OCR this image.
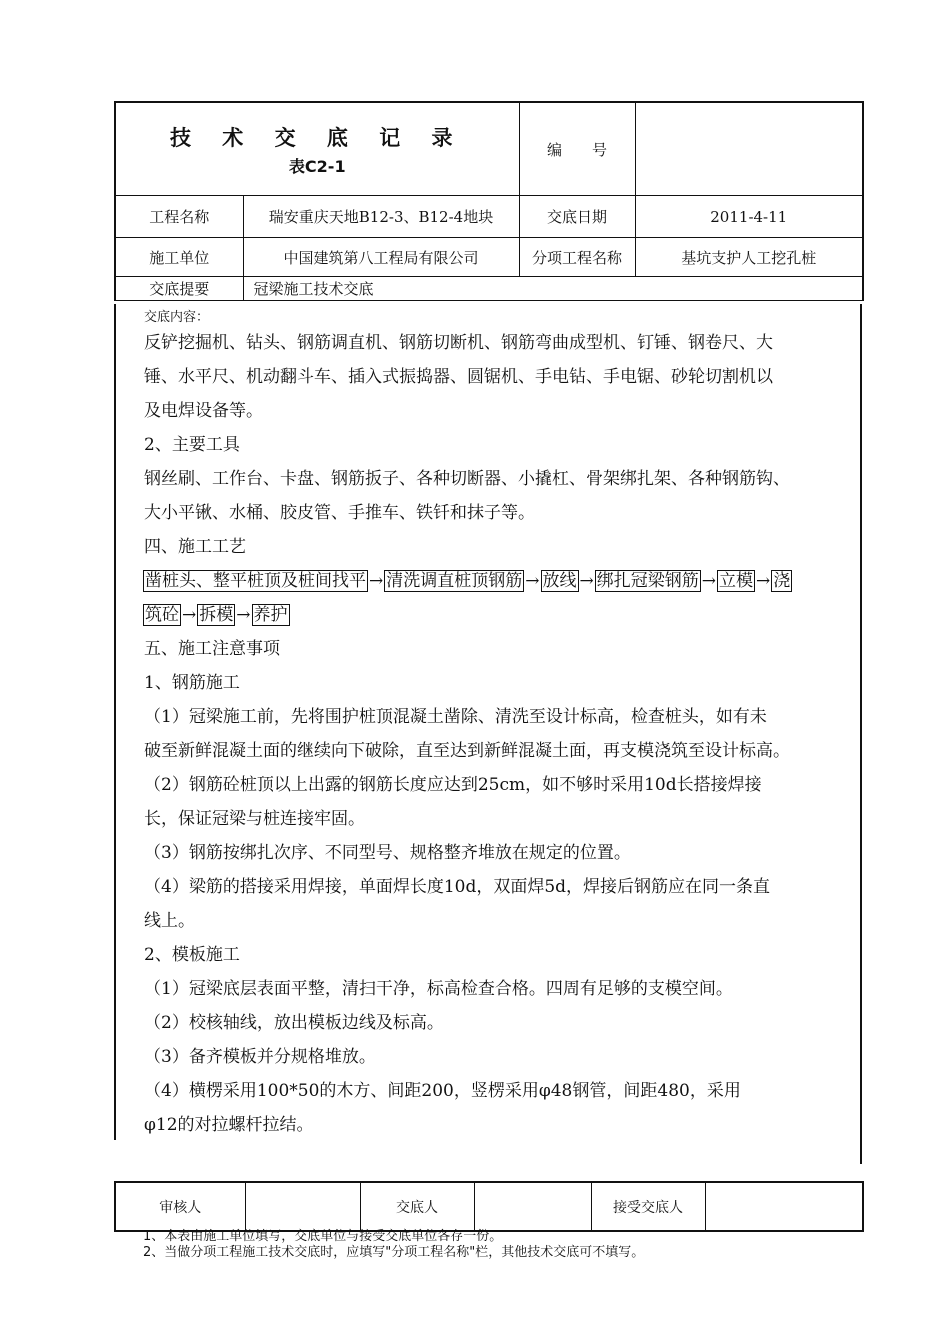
技 术 交 底 记 录
表C2-1		编　　号	
工程名称	瑞安重庆天地B12-3、B12-4地块	交底日期	2011-4-11
施工单位	中国建筑第八工程局有限公司	分项工程名称	基坑支护人工挖孔桩
交底提要	冠梁施工技术交底		
交底内容：

反铲挖掘机、钻头、钢筋调直机、钢筋切断机、钢筋弯曲成型机、钉锤、钢卷尺、大

锤、水平尺、机动翻斗车、插入式振捣器、圆锯机、手电钻、手电锯、砂轮切割机以

及电焊设备等。

2、主要工具

钢丝刷、工作台、卡盘、钢筋扳子、各种切断器、小撬杠、骨架绑扎架、各种钢筋钩、

大小平锹、水桶、胶皮管、手推车、铁钎和抹子等。

四、施工工艺

凿桩头、整平桩顶及桩间找平 → 清洗调直桩顶钢筋 → 放线 → 绑扎冠梁钢筋 → 立模 → 浇

筑砼 → 拆模 → 养护

五、施工注意事项

1、钢筋施工

（1）冠梁施工前，先将围护桩顶混凝土凿除、清洗至设计标高，检查桩头，如有未

破至新鲜混凝土面的继续向下破除，直至达到新鲜混凝土面，再支模浇筑至设计标高。

（2）钢筋砼桩顶以上出露的钢筋长度应达到25cm，如不够时采用10d长搭接焊接

长，保证冠梁与桩连接牢固。

（3）钢筋按绑扎次序、不同型号、规格整齐堆放在规定的位置。

（4）梁筋的搭接采用焊接，单面焊长度10d，双面焊5d，焊接后钢筋应在同一条直

线上。

2、模板施工

（1）冠梁底层表面平整，清扫干净，标高检查合格。四周有足够的支模空间。

（2）校核轴线，放出模板边线及标高。

（3）备齐模板并分规格堆放。

（4）横楞采用100*50的木方、间距200，竖楞采用φ48钢管，间距480，采用

φ12的对拉螺杆拉结。

审核人		交底人		接受交底人	
1、本表由施工单位填写，交底单位与接受交底单位各存一份。
2、当做分项工程施工技术交底时，应填写"分项工程名称"栏，其他技术交底可不填写。
